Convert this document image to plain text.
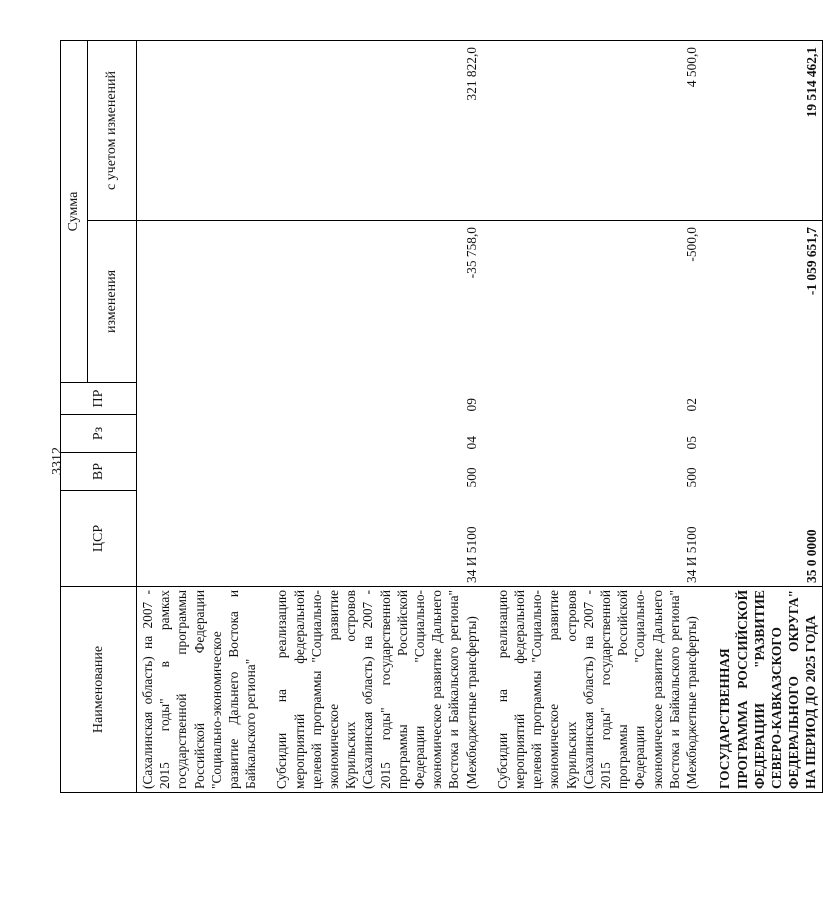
3312
Наименование	ЦСР	ВР	Рз	ПР	Сумма	
					изменения	с учетом изменений
(Сахалинская область) на 2007 - 2015 годы" в рамках государственной программы Российской Федерации "Социально-экономическое развитие Дальнего Востока и Байкальского региона"						
Субсидии на реализацию мероприятий федеральной целевой программы "Социально-экономическое развитие Курильских островов (Сахалинская область) на 2007 - 2015 годы" государственной программы Российской Федерации "Социально-экономическое развитие Дальнего Востока и Байкальского региона" (Межбюджетные трансферты)	34 И 5100	500	04	09	-35 758,0	321 822,0
Субсидии на реализацию мероприятий федеральной целевой программы "Социально-экономическое развитие Курильских островов (Сахалинская область) на 2007 - 2015 годы" государственной программы Российской Федерации "Социально-экономическое развитие Дальнего Востока и Байкальского региона" (Межбюджетные трансферты)	34 И 5100	500	05	02	-500,0	4 500,0
ГОСУДАРСТВЕННАЯ ПРОГРАММА РОССИЙСКОЙ ФЕДЕРАЦИИ "РАЗВИТИЕ СЕВЕРО-КАВКАЗСКОГО ФЕДЕРАЛЬНОГО ОКРУГА" НА ПЕРИОД ДО 2025 ГОДА	35 0 0000				-1 059 651,7	19 514 462,1
